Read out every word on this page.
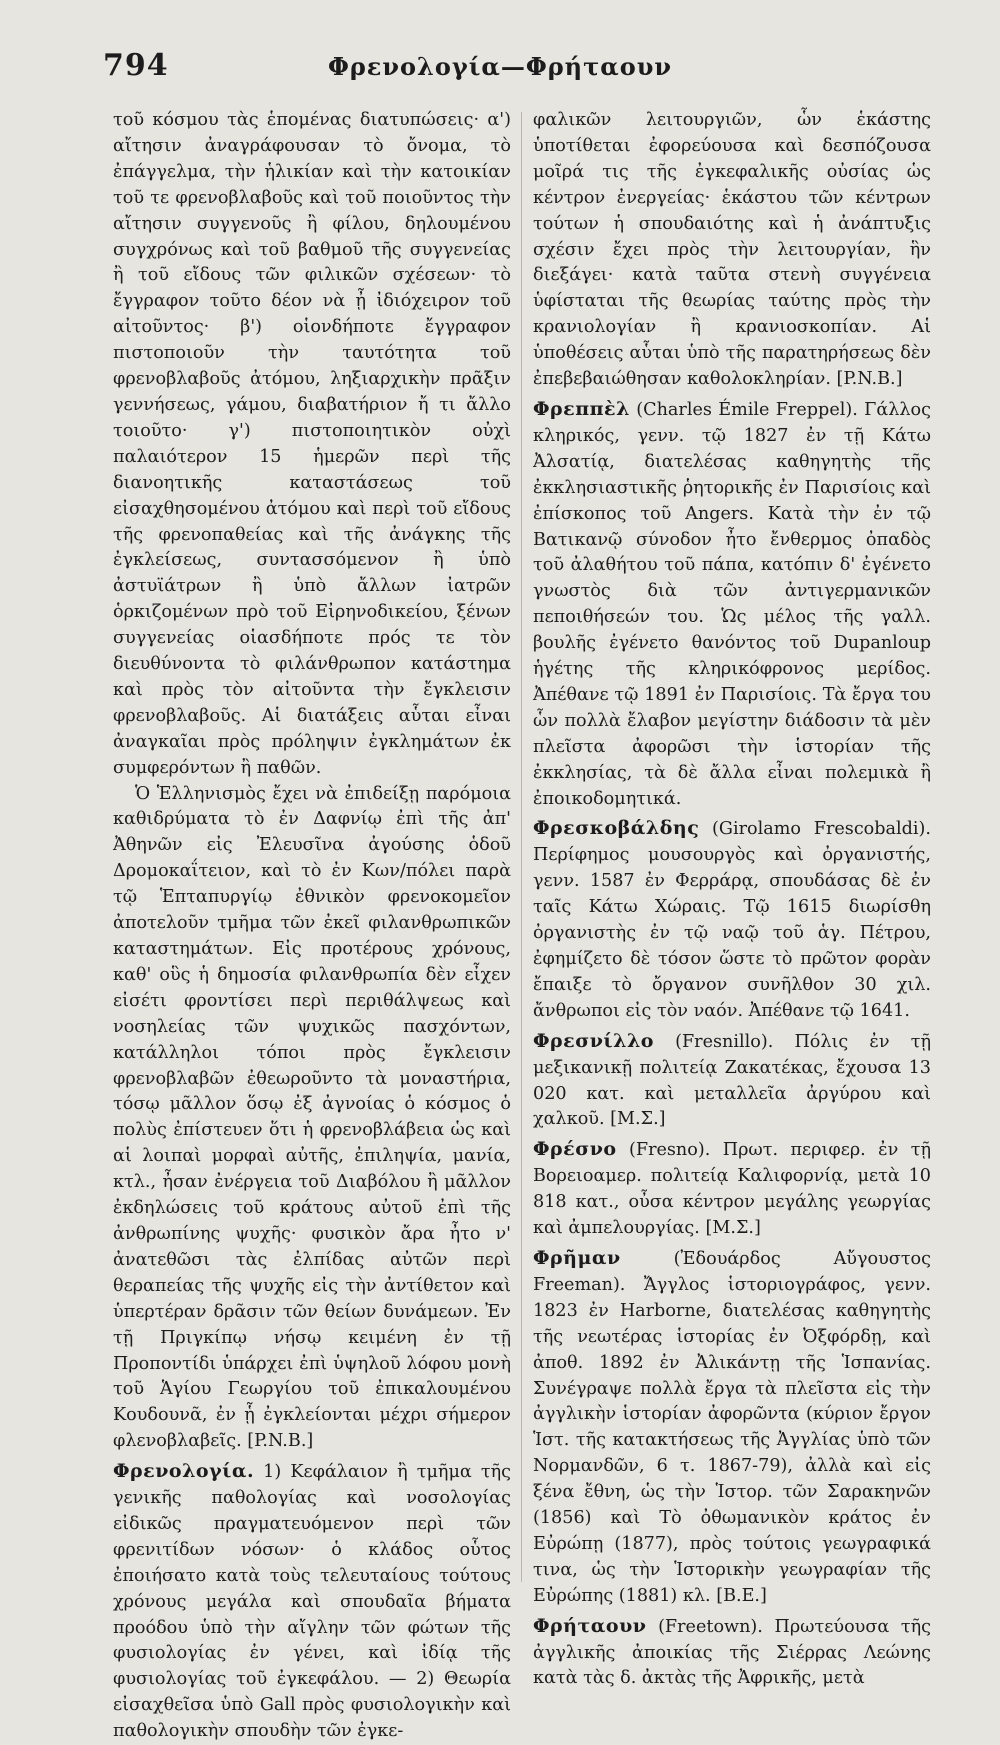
794	Φρενολογία—Φρήταουν

τοῦ κόσμου τὰς ἑπομένας διατυπώσεις· α') αἴτησιν ἀναγράφουσαν τὸ ὄνομα, τὸ ἐπάγγελμα, τὴν ἡλικίαν καὶ τὴν κατοικίαν τοῦ τε φρενοβλαβοῦς καὶ τοῦ ποιοῦντος τὴν αἴτησιν συγγενοῦς ἢ φίλου, δηλουμένου συγχρόνως καὶ τοῦ βαθμοῦ τῆς συγγενείας ἢ τοῦ εἴδους τῶν φιλικῶν σχέσεων· τὸ ἔγγραφον τοῦτο δέον νὰ ᾖ ἰδιόχειρον τοῦ αἰτοῦντος· β') οἱονδήποτε ἔγγραφον πιστοποιοῦν τὴν ταυτότητα τοῦ φρενοβλαβοῦς ἀτόμου, ληξιαρχικὴν πρᾶξιν γεννήσεως, γάμου, διαβατήριον ἤ τι ἄλλο τοιοῦτο· γ') πιστοποιητικὸν οὐχὶ παλαιότερον 15 ἡμερῶν περὶ τῆς διανοητικῆς καταστάσεως τοῦ εἰσαχθησομένου ἀτόμου καὶ περὶ τοῦ εἴδους τῆς φρενοπαθείας καὶ τῆς ἀνάγκης τῆς ἐγκλείσεως, συντασσόμενον ἢ ὑπὸ ἀστυϊάτρων ἢ ὑπὸ ἄλλων ἰατρῶν ὁρκιζομένων πρὸ τοῦ Εἰρηνοδικείου, ξένων συγγενείας οἱασδήποτε πρός τε τὸν διευθύνοντα τὸ φιλάνθρωπον κατάστημα καὶ πρὸς τὸν αἰτοῦντα τὴν ἔγκλεισιν φρενοβλαβοῦς. Αἱ διατάξεις αὗται εἶναι ἀναγκαῖαι πρὸς πρόληψιν ἐγκλημάτων ἐκ συμφερόντων ἢ παθῶν.

Ὁ Ἑλληνισμὸς ἔχει νὰ ἐπιδείξῃ παρόμοια καθιδρύματα τὸ ἐν Δαφνίῳ ἐπὶ τῆς ἀπ' Ἀθηνῶν εἰς Ἐλευσῖνα ἀγούσης ὁδοῦ Δρομοκαΐτειον, καὶ τὸ ἐν Κων/πόλει παρὰ τῷ Ἑπταπυργίῳ ἐθνικὸν φρενοκομεῖον ἀποτελοῦν τμῆμα τῶν ἐκεῖ φιλανθρωπικῶν καταστημάτων. Εἰς προτέρους χρόνους, καθ' οὓς ἡ δημοσία φιλανθρωπία δὲν εἶχεν εἰσέτι φροντίσει περὶ περιθάλψεως καὶ νοσηλείας τῶν ψυχικῶς πασχόντων, κατάλληλοι τόποι πρὸς ἔγκλεισιν φρενοβλαβῶν ἐθεωροῦντο τὰ μοναστήρια, τόσῳ μᾶλλον ὅσῳ ἐξ ἀγνοίας ὁ κόσμος ὁ πολὺς ἐπίστευεν ὅτι ἡ φρενοβλάβεια ὡς καὶ αἱ λοιπαὶ μορφαὶ αὐτῆς, ἐπιληψία, μανία, κτλ., ἦσαν ἐνέργεια τοῦ Διαβόλου ἢ μᾶλλον ἐκδηλώσεις τοῦ κράτους αὐτοῦ ἐπὶ τῆς ἀνθρωπίνης ψυχῆς· φυσικὸν ἄρα ἦτο ν' ἀνατεθῶσι τὰς ἐλπίδας αὐτῶν περὶ θεραπείας τῆς ψυχῆς εἰς τὴν ἀντίθετον καὶ ὑπερτέραν δρᾶσιν τῶν θείων δυνάμεων. Ἐν τῇ Πριγκίπῳ νήσῳ κειμένη ἐν τῇ Προποντίδι ὑπάρχει ἐπὶ ὑψηλοῦ λόφου μονὴ τοῦ Ἁγίου Γεωργίου τοῦ ἐπικαλουμένου Κουδουνᾶ, ἐν ᾗ ἐγκλείονται μέχρι σήμερον φλενοβλαβεῖς. [P.N.B.]

Φρενολογία. 1) Κεφάλαιον ἢ τμῆμα τῆς γενικῆς παθολογίας καὶ νοσολογίας εἰδικῶς πραγματευόμενον περὶ τῶν φρενιτίδων νόσων· ὁ κλάδος οὗτος ἐποιήσατο κατὰ τοὺς τελευταίους τούτους χρόνους μεγάλα καὶ σπουδαῖα βήματα προόδου ὑπὸ τὴν αἴγλην τῶν φώτων τῆς φυσιολογίας ἐν γένει, καὶ ἰδίᾳ τῆς φυσιολογίας τοῦ ἐγκεφάλου. — 2) Θεωρία εἰσαχθεῖσα ὑπὸ Gall πρὸς φυσιολογικὴν καὶ παθολογικὴν σπουδὴν τῶν ἐγκε-

φαλικῶν λειτουργιῶν, ὧν ἑκάστης ὑποτίθεται ἐφορεύουσα καὶ δεσπόζουσα μοῖρά τις τῆς ἐγκεφαλικῆς οὐσίας ὡς κέντρον ἐνεργείας· ἑκάστου τῶν κέντρων τούτων ἡ σπουδαιότης καὶ ἡ ἀνάπτυξις σχέσιν ἔχει πρὸς τὴν λειτουργίαν, ἣν διεξάγει· κατὰ ταῦτα στενὴ συγγένεια ὑφίσταται τῆς θεωρίας ταύτης πρὸς τὴν κρανιολογίαν ἢ κρανιοσκοπίαν. Αἱ ὑποθέσεις αὗται ὑπὸ τῆς παρατηρήσεως δὲν ἐπεβεβαιώθησαν καθολοκληρίαν. [P.N.B.]

Φρεππὲλ (Charles Émile Freppel). Γάλλος κληρικός, γενν. τῷ 1827 ἐν τῇ Κάτω Ἀλσατίᾳ, διατελέσας καθηγητὴς τῆς ἐκκλησιαστικῆς ῥητορικῆς ἐν Παρισίοις καὶ ἐπίσκοπος τοῦ Angers. Κατὰ τὴν ἐν τῷ Βατικανῷ σύνοδον ἦτο ἔνθερμος ὀπαδὸς τοῦ ἀλαθήτου τοῦ πάπα, κατόπιν δ' ἐγένετο γνωστὸς διὰ τῶν ἀντιγερμανικῶν πεποιθήσεών του. Ὡς μέλος τῆς γαλλ. βουλῆς ἐγένετο θανόντος τοῦ Dupanloup ἡγέτης τῆς κληρικόφρονος μερίδος. Ἀπέθανε τῷ 1891 ἐν Παρισίοις. Τὰ ἔργα του ὧν πολλὰ ἔλαβον μεγίστην διάδοσιν τὰ μὲν πλεῖστα ἀφορῶσι τὴν ἱστορίαν τῆς ἐκκλησίας, τὰ δὲ ἄλλα εἶναι πολεμικὰ ἢ ἐποικοδομητικά.

Φρεσκοβάλδης (Girolamo Frescobaldi). Περίφημος μουσουργὸς καὶ ὀργανιστής, γενν. 1587 ἐν Φερράρᾳ, σπουδάσας δὲ ἐν ταῖς Κάτω Χώραις. Τῷ 1615 διωρίσθη ὀργανιστὴς ἐν τῷ ναῷ τοῦ ἁγ. Πέτρου, ἐφημίζετο δὲ τόσον ὥστε τὸ πρῶτον φορὰν ἔπαιξε τὸ ὄργανον συνῆλθον 30 χιλ. ἄνθρωποι εἰς τὸν ναόν. Ἀπέθανε τῷ 1641.

Φρεσνίλλο (Fresnillo). Πόλις ἐν τῇ μεξικανικῇ πολιτείᾳ Ζακατέκας, ἔχουσα 13 020 κατ. καὶ μεταλλεῖα ἀργύρου καὶ χαλκοῦ. [M.Σ.]

Φρέσνο (Fresno). Πρωτ. περιφερ. ἐν τῇ Βορειοαμερ. πολιτείᾳ Καλιφορνίᾳ, μετὰ 10 818 κατ., οὖσα κέντρον μεγάλης γεωργίας καὶ ἀμπελουργίας. [M.Σ.]

Φρῆμαν (Ἐδουάρδος Αὔγουστος Freeman). Ἄγγλος ἱστοριογράφος, γενν. 1823 ἐν Harborne, διατελέσας καθηγητὴς τῆς νεωτέρας ἱστορίας ἐν Ὀξφόρδῃ, καὶ ἀποθ. 1892 ἐν Ἀλικάντῃ τῆς Ἱσπανίας. Συνέγραψε πολλὰ ἔργα τὰ πλεῖστα εἰς τὴν ἀγγλικὴν ἱστορίαν ἀφορῶντα (κύριον ἔργον Ἱστ. τῆς κατακτήσεως τῆς Ἀγγλίας ὑπὸ τῶν Νορμανδῶν, 6 τ. 1867-79), ἀλλὰ καὶ εἰς ξένα ἔθνη, ὡς τὴν Ἱστορ. τῶν Σαρακηνῶν (1856) καὶ Τὸ ὀθωμανικὸν κράτος ἐν Εὐρώπῃ (1877), πρὸς τούτοις γεωγραφικά τινα, ὡς τὴν Ἱστορικὴν γεωγραφίαν τῆς Εὐρώπης (1881) κλ. [B.E.]

Φρήταουν (Freetown). Πρωτεύουσα τῆς ἀγγλικῆς ἀποικίας τῆς Σιέρρας Λεώνης κατὰ τὰς δ. ἀκτὰς τῆς Ἀφρικῆς, μετὰ
